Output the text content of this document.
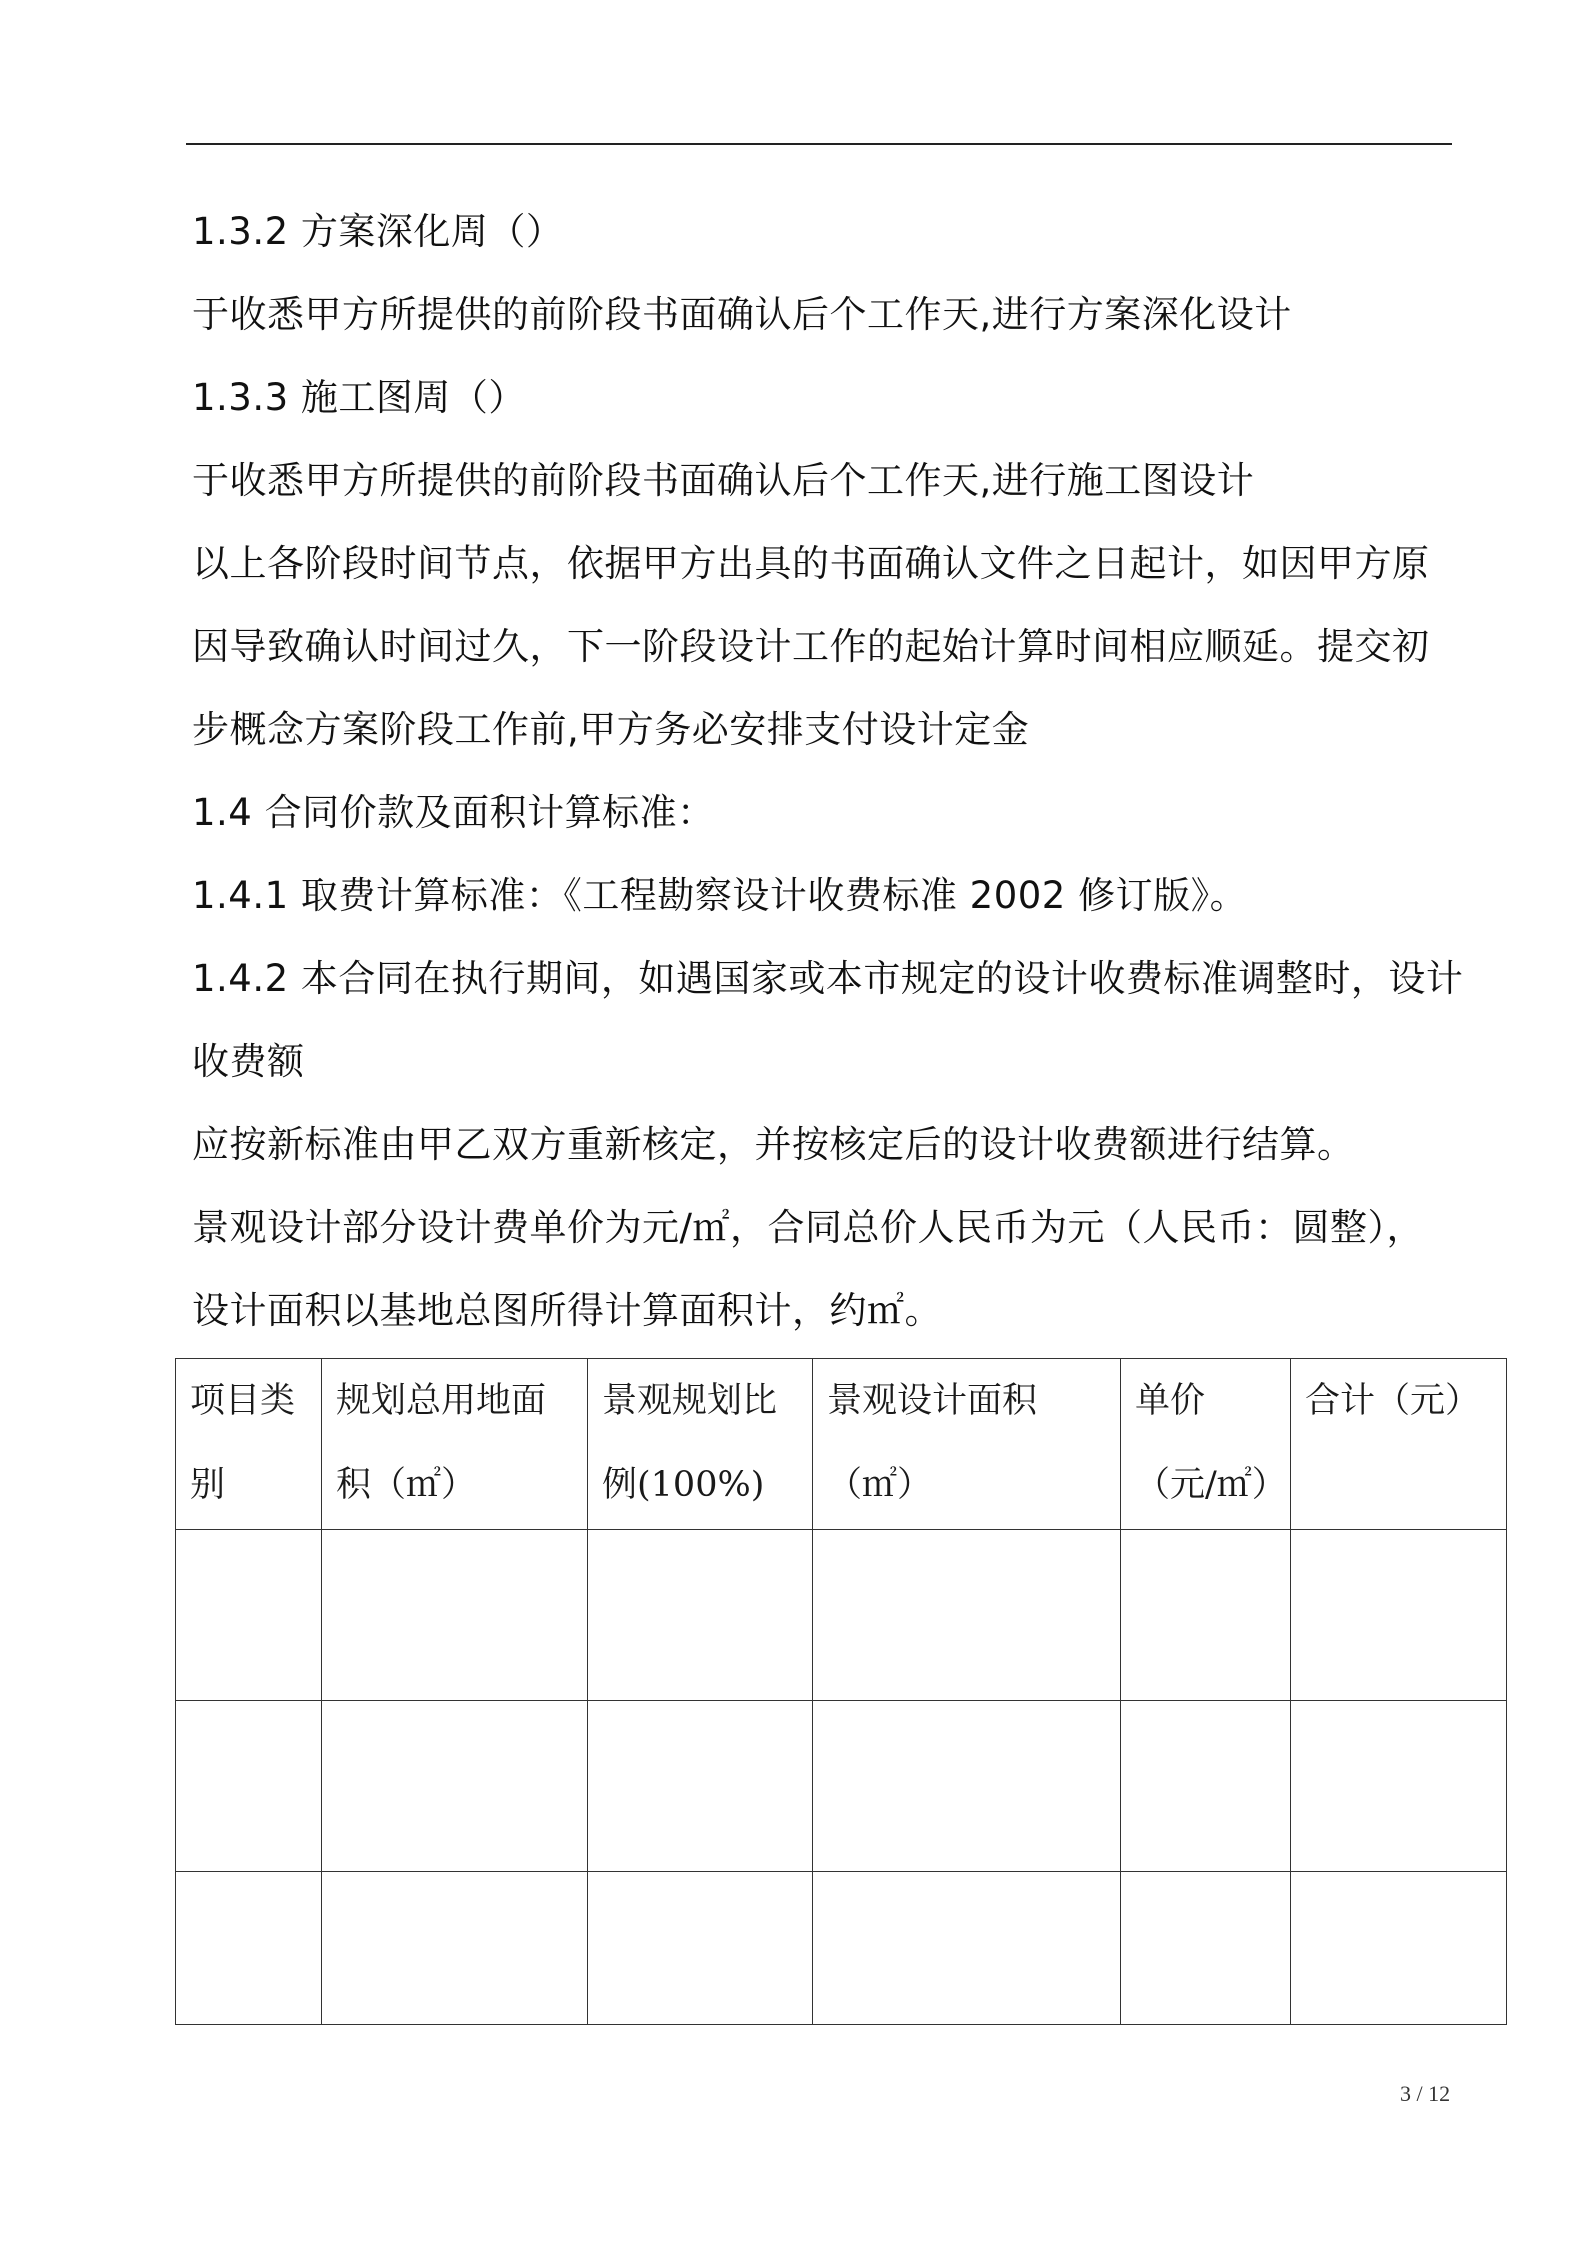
1.3.2 方案深化周（）

于收悉甲方所提供的前阶段书面确认后个工作天,进行方案深化设计

1.3.3 施工图周（）

于收悉甲方所提供的前阶段书面确认后个工作天,进行施工图设计

以上各阶段时间节点，依据甲方出具的书面确认文件之日起计，如因甲方原

因导致确认时间过久，下一阶段设计工作的起始计算时间相应顺延。提交初

步概念方案阶段工作前,甲方务必安排支付设计定金

1.4 合同价款及面积计算标准：

1.4.1 取费计算标准：《工程勘察设计收费标准 2002 修订版》。

1.4.2 本合同在执行期间，如遇国家或本市规定的设计收费标准调整时，设计

收费额

应按新标准由甲乙双方重新核定，并按核定后的设计收费额进行结算。

景观设计部分设计费单价为元/㎡，合同总价人民币为元（人民币：圆整），

设计面积以基地总图所得计算面积计，约㎡。

项目类别	规划总用地面积（㎡）	景观规划比例(100%)	景观设计面积（㎡）	单价（元/㎡）	合计（元）

3 / 12
